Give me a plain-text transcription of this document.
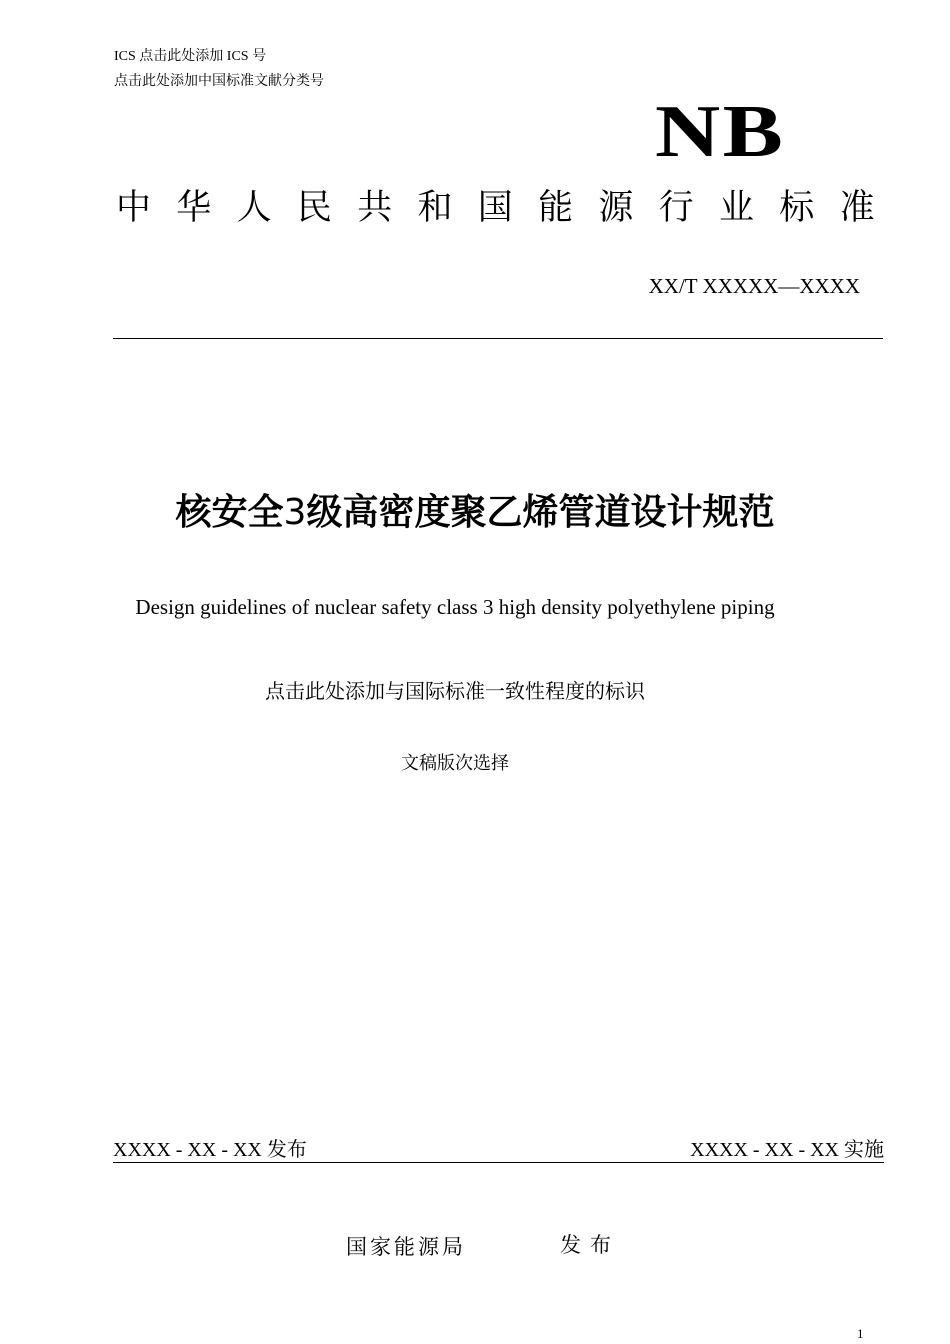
ICS 点击此处添加 ICS 号
点击此处添加中国标准文献分类号
NB
中华人民共和国能源行业标准
XX/T XXXXX—XXXX
核安全3级高密度聚乙烯管道设计规范
Design guidelines of nuclear safety class 3 high density polyethylene piping
点击此处添加与国际标准一致性程度的标识
文稿版次选择
XXXX - XX - XX 发布	XXXX - XX - XX 实施
国家能源局	发布
1
